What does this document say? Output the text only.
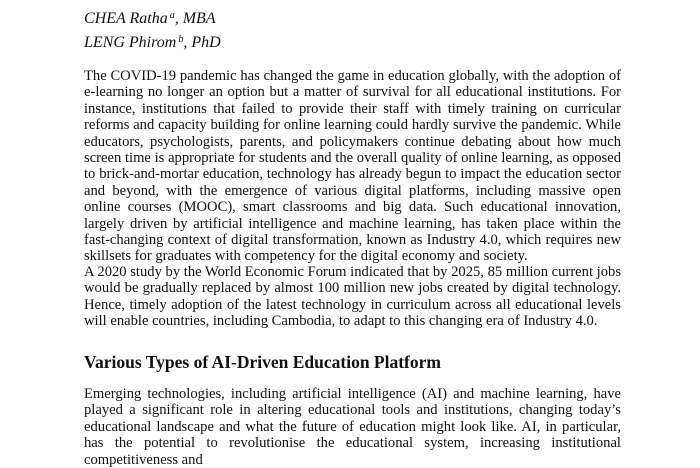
CHEA Ratha $^a$, MBA
LENG Phirom $^b$, PhD

The COVID-19 pandemic has changed the game in education globally, with the adoption of e-learning no longer an option but a matter of survival for all educational institutions. For instance, institutions that failed to provide their staff with timely training on curricular reforms and capacity building for online learning could hardly survive the pandemic. While educators, psychologists, parents, and policymakers continue debating about how much screen time is appropriate for students and the overall quality of online learning, as opposed to brick-and-mortar education, technology has already begun to impact the education sector and beyond, with the emergence of various digital platforms, including massive open online courses (MOOC), smart classrooms and big data. Such educational innovation, largely driven by artificial intelligence and machine learning, has taken place within the fast-changing context of digital transformation, known as Industry 4.0, which requires new skillsets for graduates with competency for the digital economy and society.

A 2020 study by the World Economic Forum indicated that by 2025, 85 million current jobs would be gradually replaced by almost 100 million new jobs created by digital technology. Hence, timely adoption of the latest technology in curriculum across all educational levels will enable countries, including Cambodia, to adapt to this changing era of Industry 4.0.

Various Types of AI-Driven Education Platform

Emerging technologies, including artificial intelligence (AI) and machine learning, have played a significant role in altering educational tools and institutions, changing today’s educational landscape and what the future of education might look like. AI, in particular, has the potential to revolutionise the educational system, increasing institutional competitiveness and
